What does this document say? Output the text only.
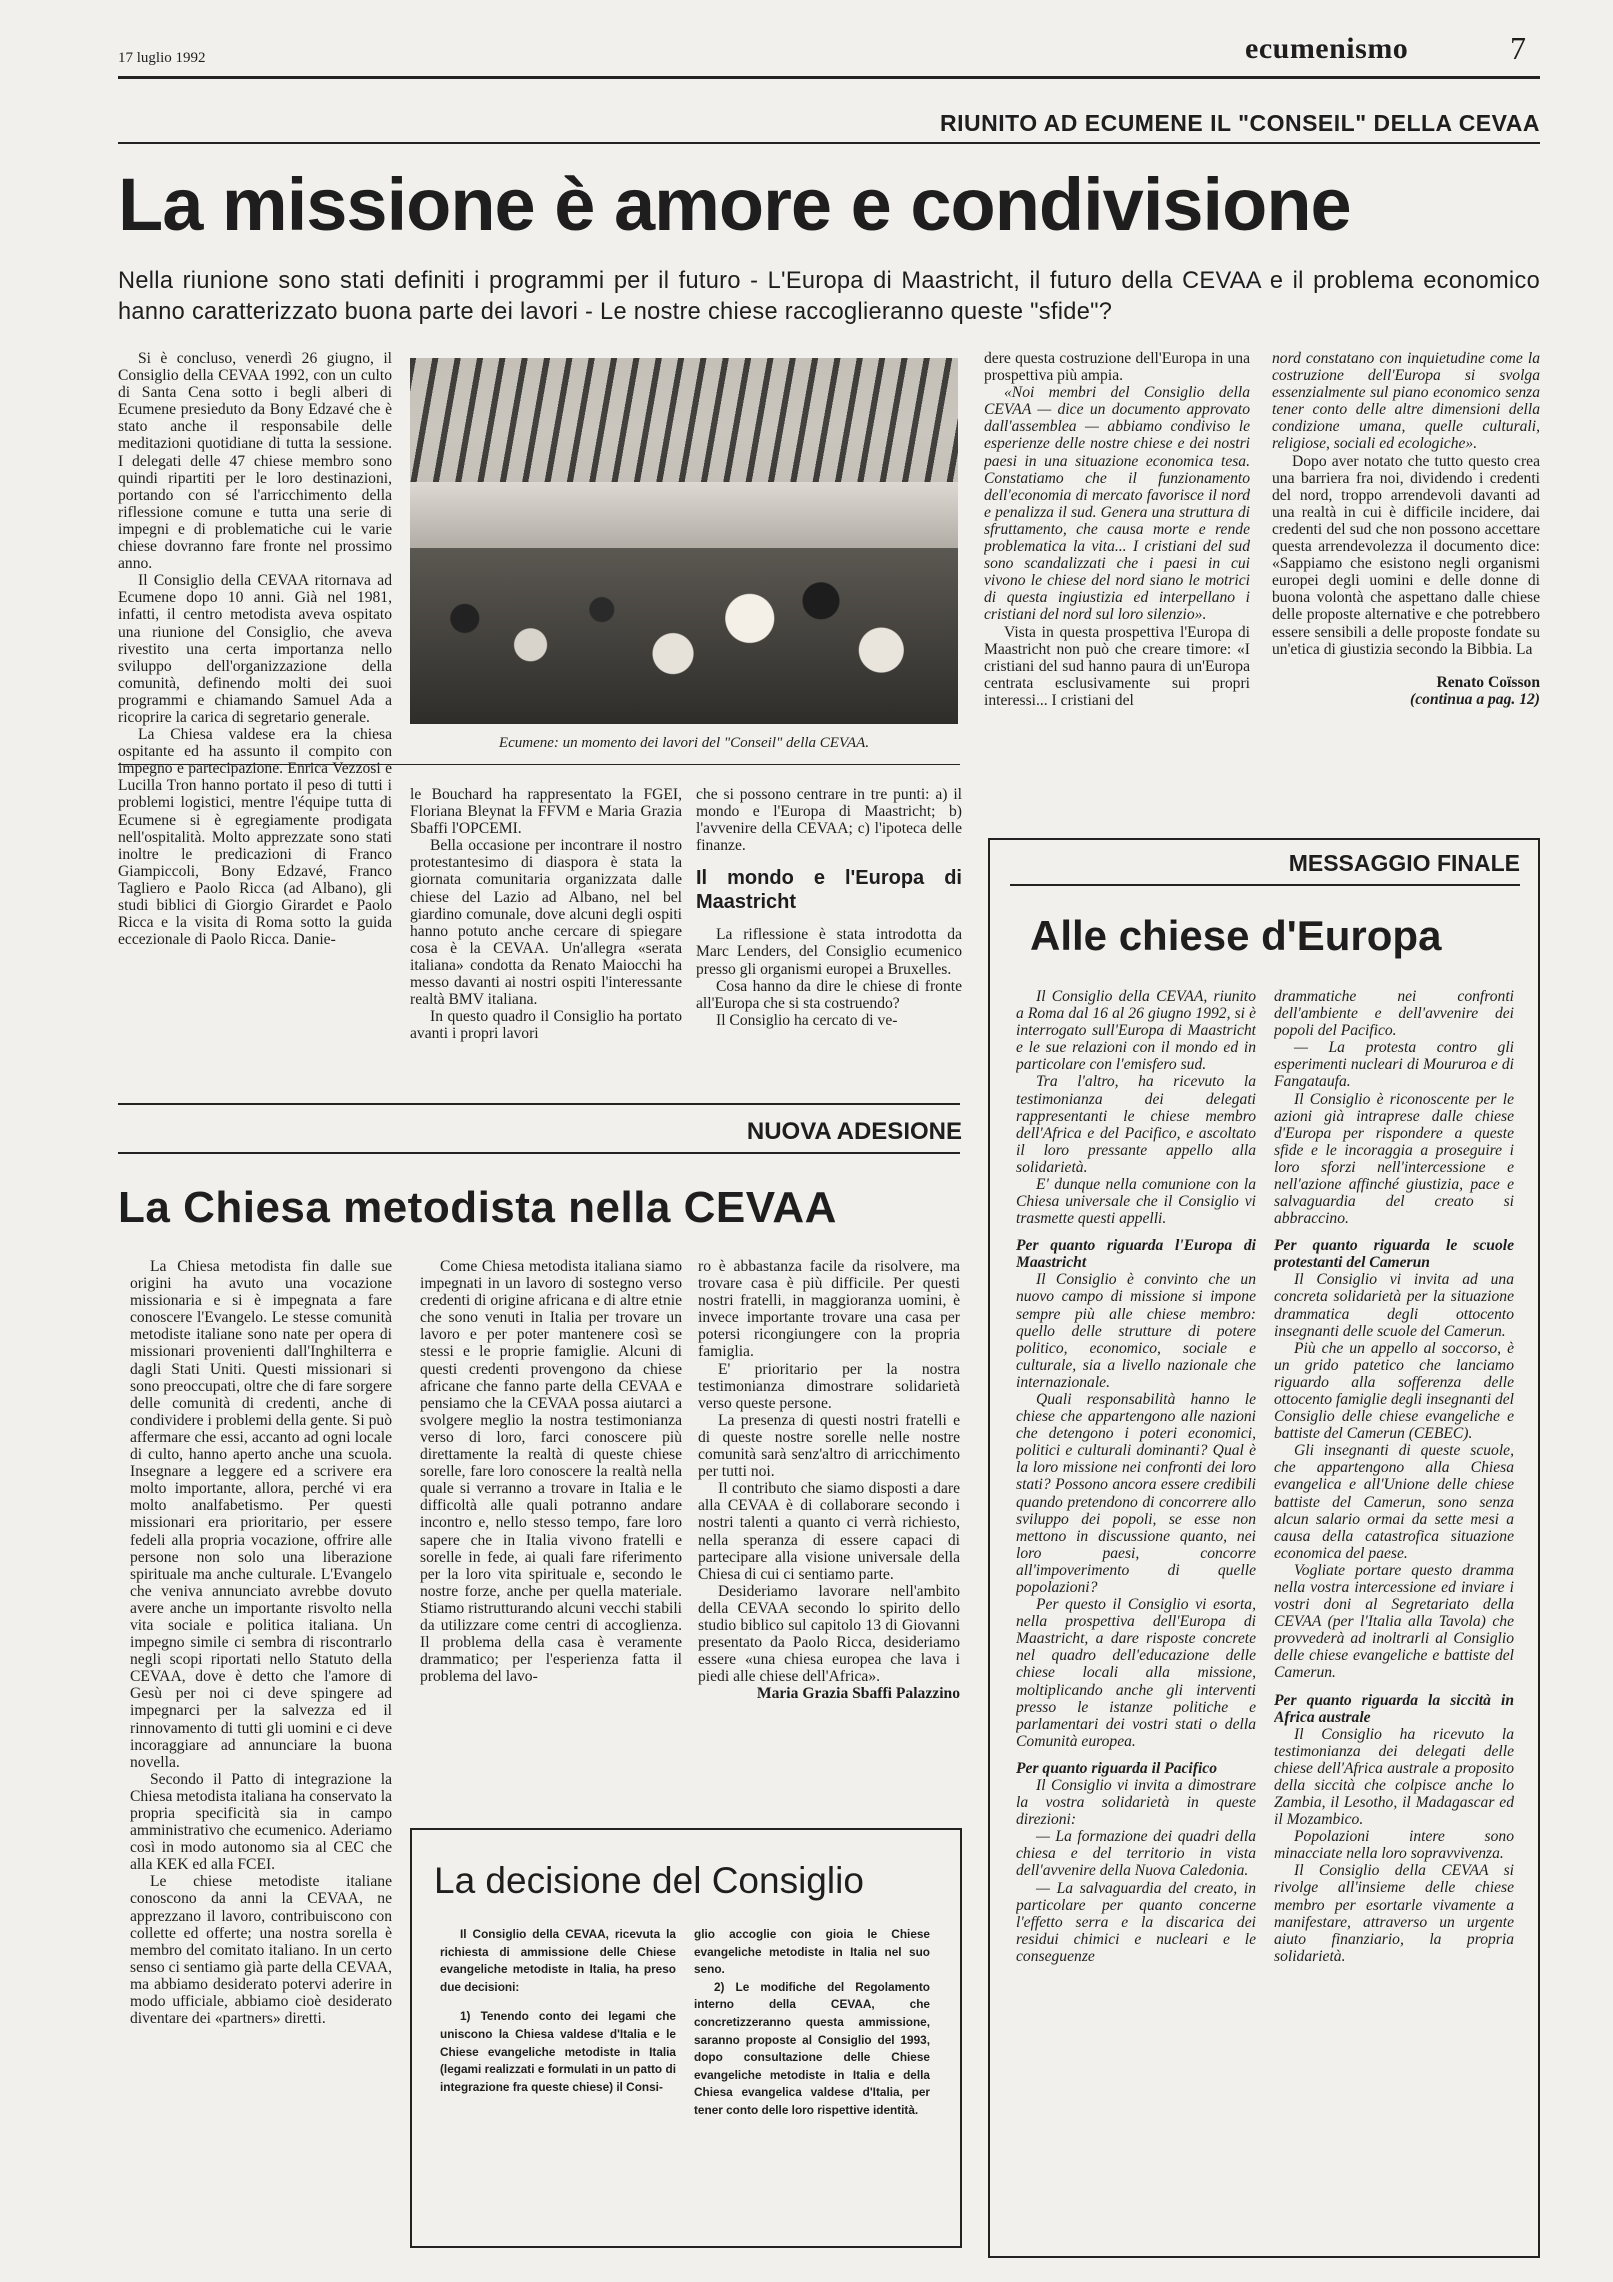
17 luglio 1992	ecumenismo	7
RIUNITO AD ECUMENE IL "CONSEIL" DELLA CEVAA
La missione è amore e condivisione
Nella riunione sono stati definiti i programmi per il futuro - L'Europa di Maastricht, il futuro della CEVAA e il problema economico hanno caratterizzato buona parte dei lavori - Le nostre chiese raccoglieranno queste "sfide"?
Ecumene: un momento dei lavori del "Conseil" della CEVAA.

Si è concluso, venerdì 26 giugno, il Consiglio della CEVAA 1992, con un culto di Santa Cena sotto i begli alberi di Ecumene presieduto da Bony Edzavé che è stato anche il responsabile delle meditazioni quotidiane di tutta la sessione. I delegati delle 47 chiese membro sono quindi ripartiti per le loro destinazioni, portando con sé l'arricchimento della riflessione comune e tutta una serie di impegni e di problematiche cui le varie chiese dovranno fare fronte nel prossimo anno.

Il Consiglio della CEVAA ritornava ad Ecumene dopo 10 anni. Già nel 1981, infatti, il centro metodista aveva ospitato una riunione del Consiglio, che aveva rivestito una certa importanza nello sviluppo dell'organizzazione della comunità, definendo molti dei suoi programmi e chiamando Samuel Ada a ricoprire la carica di segretario generale.

La Chiesa valdese era la chiesa ospitante ed ha assunto il compito con impegno e partecipazione. Enrica Vezzosi e Lucilla Tron hanno portato il peso di tutti i problemi logistici, mentre l'équipe tutta di Ecumene si è egregiamente prodigata nell'ospitalità. Molto apprezzate sono stati inoltre le predicazioni di Franco Giampiccoli, Bony Edzavé, Franco Tagliero e Paolo Ricca (ad Albano), gli studi biblici di Giorgio Girardet e Paolo Ricca e la visita di Roma sotto la guida eccezionale di Paolo Ricca. Danie-

le Bouchard ha rappresentato la FGEI, Floriana Bleynat la FFVM e Maria Grazia Sbaffi l'OPCEMI.

Bella occasione per incontrare il nostro protestantesimo di diaspora è stata la giornata comunitaria organizzata dalle chiese del Lazio ad Albano, nel bel giardino comunale, dove alcuni degli ospiti hanno potuto anche cercare di spiegare cosa è la CEVAA. Un'allegra «serata italiana» condotta da Renato Maiocchi ha messo davanti ai nostri ospiti l'interessante realtà BMV italiana.

In questo quadro il Consiglio ha portato avanti i propri lavori

che si possono centrare in tre punti: a) il mondo e l'Europa di Maastricht; b) l'avvenire della CEVAA; c) l'ipoteca delle finanze.

Il mondo e l'Europa di Maastricht

La riflessione è stata introdotta da Marc Lenders, del Consiglio ecumenico presso gli organismi europei a Bruxelles.

Cosa hanno da dire le chiese di fronte all'Europa che si sta costruendo?

Il Consiglio ha cercato di ve-

dere questa costruzione dell'Europa in una prospettiva più ampia.

«Noi membri del Consiglio della CEVAA — dice un documento approvato dall'assemblea — abbiamo condiviso le esperienze delle nostre chiese e dei nostri paesi in una situazione economica tesa. Constatiamo che il funzionamento dell'economia di mercato favorisce il nord e penalizza il sud. Genera una struttura di sfruttamento, che causa morte e rende problematica la vita... I cristiani del sud sono scandalizzati che i paesi in cui vivono le chiese del nord siano le motrici di questa ingiustizia ed interpellano i cristiani del nord sul loro silenzio».

Vista in questa prospettiva l'Europa di Maastricht non può che creare timore: «I cristiani del sud hanno paura di un'Europa centrata esclusivamente sui propri interessi... I cristiani del

nord constatano con inquietudine come la costruzione dell'Europa si svolga essenzialmente sul piano economico senza tener conto delle altre dimensioni della condizione umana, quelle culturali, religiose, sociali ed ecologiche».

Dopo aver notato che tutto questo crea una barriera fra noi, dividendo i credenti del nord, troppo arrendevoli davanti ad una realtà in cui è difficile incidere, dai credenti del sud che non possono accettare questa arrendevolezza il documento dice: «Sappiamo che esistono negli organismi europei degli uomini e delle donne di buona volontà che aspettano dalle chiese delle proposte alternative e che potrebbero essere sensibili a delle proposte fondate su un'etica di giustizia secondo la Bibbia. La

Renato Coïsson

(continua a pag. 12)

NUOVA ADESIONE
La Chiesa metodista nella CEVAA

La Chiesa metodista fin dalle sue origini ha avuto una vocazione missionaria e si è impegnata a fare conoscere l'Evangelo. Le stesse comunità metodiste italiane sono nate per opera di missionari provenienti dall'Inghilterra e dagli Stati Uniti. Questi missionari si sono preoccupati, oltre che di fare sorgere delle comunità di credenti, anche di condividere i problemi della gente. Si può affermare che essi, accanto ad ogni locale di culto, hanno aperto anche una scuola. Insegnare a leggere ed a scrivere era molto importante, allora, perché vi era molto analfabetismo. Per questi missionari era prioritario, per essere fedeli alla propria vocazione, offrire alle persone non solo una liberazione spirituale ma anche culturale. L'Evangelo che veniva annunciato avrebbe dovuto avere anche un importante risvolto nella vita sociale e politica italiana. Un impegno simile ci sembra di riscontrarlo negli scopi riportati nello Statuto della CEVAA, dove è detto che l'amore di Gesù per noi ci deve spingere ad impegnarci per la salvezza ed il rinnovamento di tutti gli uomini e ci deve incoraggiare ad annunciare la buona novella.

Secondo il Patto di integrazione la Chiesa metodista italiana ha conservato la propria specificità sia in campo amministrativo che ecumenico. Aderiamo così in modo autonomo sia al CEC che alla KEK ed alla FCEI.

Le chiese metodiste italiane conoscono da anni la CEVAA, ne apprezzano il lavoro, contribuiscono con collette ed offerte; una nostra sorella è membro del comitato italiano. In un certo senso ci sentiamo già parte della CEVAA, ma abbiamo desiderato potervi aderire in modo ufficiale, abbiamo cioè desiderato diventare dei «partners» diretti.

Come Chiesa metodista italiana siamo impegnati in un lavoro di sostegno verso credenti di origine africana e di altre etnie che sono venuti in Italia per trovare un lavoro e per poter mantenere così se stessi e le proprie famiglie. Alcuni di questi credenti provengono da chiese africane che fanno parte della CEVAA e pensiamo che la CEVAA possa aiutarci a svolgere meglio la nostra testimonianza verso di loro, farci conoscere più direttamente la realtà di queste chiese sorelle, fare loro conoscere la realtà nella quale si verranno a trovare in Italia e le difficoltà alle quali potranno andare incontro e, nello stesso tempo, fare loro sapere che in Italia vivono fratelli e sorelle in fede, ai quali fare riferimento per la loro vita spirituale e, secondo le nostre forze, anche per quella materiale. Stiamo ristrutturando alcuni vecchi stabili da utilizzare come centri di accoglienza. Il problema della casa è veramente drammatico; per l'esperienza fatta il problema del lavo-

ro è abbastanza facile da risolvere, ma trovare casa è più difficile. Per questi nostri fratelli, in maggioranza uomini, è invece importante trovare una casa per potersi ricongiungere con la propria famiglia.

E' prioritario per la nostra testimonianza dimostrare solidarietà verso queste persone.

La presenza di questi nostri fratelli e di queste nostre sorelle nelle nostre comunità sarà senz'altro di arricchimento per tutti noi.

Il contributo che siamo disposti a dare alla CEVAA è di collaborare secondo i nostri talenti a quanto ci verrà richiesto, nella speranza di essere capaci di partecipare alla visione universale della Chiesa di cui ci sentiamo parte.

Desideriamo lavorare nell'ambito della CEVAA secondo lo spirito dello studio biblico sul capitolo 13 di Giovanni presentato da Paolo Ricca, desideriamo essere «una chiesa europea che lava i piedi alle chiese dell'Africa».

Maria Grazia Sbaffi Palazzino

La decisione del Consiglio

Il Consiglio della CEVAA, ricevuta la richiesta di ammissione delle Chiese evangeliche metodiste in Italia, ha preso due decisioni:

1) Tenendo conto dei legami che uniscono la Chiesa valdese d'Italia e le Chiese evangeliche metodiste in Italia (legami realizzati e formulati in un patto di integrazione fra queste chiese) il Consi-

glio accoglie con gioia le Chiese evangeliche metodiste in Italia nel suo seno.

2) Le modifiche del Regolamento interno della CEVAA, che concretizzeranno questa ammissione, saranno proposte al Consiglio del 1993, dopo consultazione delle Chiese evangeliche metodiste in Italia e della Chiesa evangelica valdese d'Italia, per tener conto delle loro rispettive identità.

MESSAGGIO FINALE
Alle chiese d'Europa

Il Consiglio della CEVAA, riunito a Roma dal 16 al 26 giugno 1992, si è interrogato sull'Europa di Maastricht e le sue relazioni con il mondo ed in particolare con l'emisfero sud.

Tra l'altro, ha ricevuto la testimonianza dei delegati rappresentanti le chiese membro dell'Africa e del Pacifico, e ascoltato il loro pressante appello alla solidarietà.

E' dunque nella comunione con la Chiesa universale che il Consiglio vi trasmette questi appelli.

Per quanto riguarda l'Europa di Maastricht

Il Consiglio è convinto che un nuovo campo di missione si impone sempre più alle chiese membro: quello delle strutture di potere politico, economico, sociale e culturale, sia a livello nazionale che internazionale.

Quali responsabilità hanno le chiese che appartengono alle nazioni che detengono i poteri economici, politici e culturali dominanti? Qual è la loro missione nei confronti dei loro stati? Possono ancora essere credibili quando pretendono di concorrere allo sviluppo dei popoli, se esse non mettono in discussione quanto, nei loro paesi, concorre all'impoverimento di quelle popolazioni?

Per questo il Consiglio vi esorta, nella prospettiva dell'Europa di Maastricht, a dare risposte concrete nel quadro dell'educazione delle chiese locali alla missione, moltiplicando anche gli interventi presso le istanze politiche e parlamentari dei vostri stati o della Comunità europea.

Per quanto riguarda il Pacifico

Il Consiglio vi invita a dimostrare la vostra solidarietà in queste direzioni:

— La formazione dei quadri della chiesa e del territorio in vista dell'avvenire della Nuova Caledonia.

— La salvaguardia del creato, in particolare per quanto concerne l'effetto serra e la discarica dei residui chimici e nucleari e le conseguenze

drammatiche nei confronti dell'ambiente e dell'avvenire dei popoli del Pacifico.

— La protesta contro gli esperimenti nucleari di Moururoa e di Fangataufa.

Il Consiglio è riconoscente per le azioni già intraprese dalle chiese d'Europa per rispondere a queste sfide e le incoraggia a proseguire i loro sforzi nell'intercessione e nell'azione affinché giustizia, pace e salvaguardia del creato si abbraccino.

Per quanto riguarda le scuole protestanti del Camerun

Il Consiglio vi invita ad una concreta solidarietà per la situazione drammatica degli ottocento insegnanti delle scuole del Camerun.

Più che un appello al soccorso, è un grido patetico che lanciamo riguardo alla sofferenza delle ottocento famiglie degli insegnanti del Consiglio delle chiese evangeliche e battiste del Camerun (CEBEC).

Gli insegnanti di queste scuole, che appartengono alla Chiesa evangelica e all'Unione delle chiese battiste del Camerun, sono senza alcun salario ormai da sette mesi a causa della catastrofica situazione economica del paese.

Vogliate portare questo dramma nella vostra intercessione ed inviare i vostri doni al Segretariato della CEVAA (per l'Italia alla Tavola) che provvederà ad inoltrarli al Consiglio delle chiese evangeliche e battiste del Camerun.

Per quanto riguarda la siccità in Africa australe

Il Consiglio ha ricevuto la testimonianza dei delegati delle chiese dell'Africa australe a proposito della siccità che colpisce anche lo Zambia, il Lesotho, il Madagascar ed il Mozambico.

Popolazioni intere sono minacciate nella loro sopravvivenza.

Il Consiglio della CEVAA si rivolge all'insieme delle chiese membro per esortarle vivamente a manifestare, attraverso un urgente aiuto finanziario, la propria solidarietà.
